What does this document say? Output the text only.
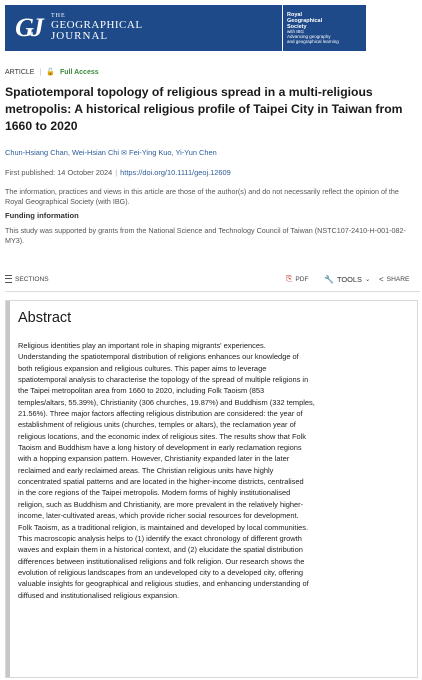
GJ	THE
GEOGRAPHICAL
JOURNAL
Royal
Geographical
Society
with IBG
Advancing geography
and geographical learning
ARTICLE | 🔓 Full Access
Spatiotemporal topology of religious spread in a multi-religious metropolis: A historical religious profile of Taipei City in Taiwan from 1660 to 2020
Chun-Hsiang Chan, Wei-Hsian Chi ✉ Fei-Ying Kuo, Yi-Yun Chen
First published: 14 October 2024 | https://doi.org/10.1111/geoj.12609
The information, practices and views in this article are those of the author(s) and do not necessarily reflect the opinion of the Royal Geographical Society (with IBG).
Funding information
This study was supported by grants from the National Science and Technology Council of Taiwan (NSTC107-2410-H-001-082-MY3).
SECTIONS	⎘ PDF 🔧 TOOLS ⌄ < SHARE
Abstract

Religious identities play an important role in shaping migrants' experiences.
Understanding the spatiotemporal distribution of religions enhances our knowledge of
both religious expansion and religious cultures. This paper aims to leverage
spatiotemporal analysis to characterise the topology of the spread of multiple religions in
the Taipei metropolitan area from 1660 to 2020, including Folk Taoism (853
temples/altars, 55.39%), Christianity (306 churches, 19.87%) and Buddhism (332 temples,
21.56%). Three major factors affecting religious distribution are considered: the year of
establishment of religious units (churches, temples or altars), the reclamation year of
religious locations, and the economic index of religious sites. The results show that Folk
Taoism and Buddhism have a long history of development in early reclamation regions
with a hopping expansion pattern. However, Christianity expanded later in the later
reclaimed and early reclaimed areas. The Christian religious units have highly
concentrated spatial patterns and are located in the higher-income districts, centralised
in the core regions of the Taipei metropolis. Modern forms of highly institutionalised
religion, such as Buddhism and Christianity, are more prevalent in the relatively higher-
income, later-cultivated areas, which provide richer social resources for development.
Folk Taoism, as a traditional religion, is maintained and developed by local communities.
This macroscopic analysis helps to (1) identify the exact chronology of different growth
waves and explain them in a historical context, and (2) elucidate the spatial distribution
differences between institutionalised religions and folk religion. Our research shows the
evolution of religious landscapes from an undeveloped city to a developed city, offering
valuable insights for geographical and religious studies, and enhancing understanding of
diffused and institutionalised religious expansion.
